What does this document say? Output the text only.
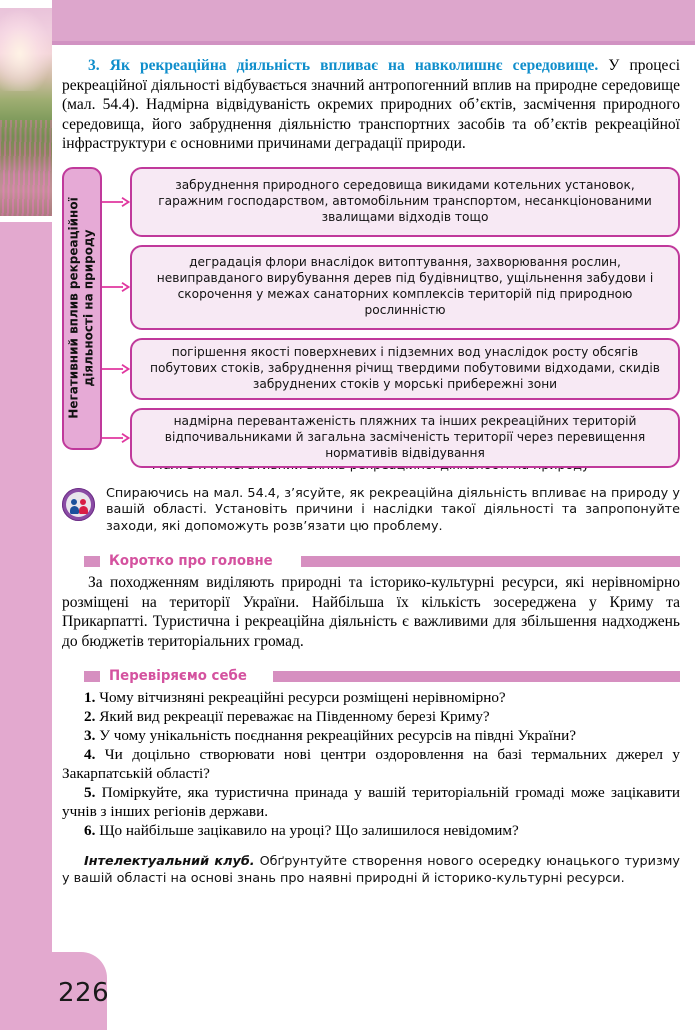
226

3. Як рекреаційна діяльність впливає на навколишнє середовище. У процесі рекреаційної діяльності відбувається значний антропогенний вплив на природне середовище (мал. 54.4). Надмірна відвідуваність окремих природних об’єктів, засмічення природного середовища, його забруднення діяльністю транспортних засобів та об’єктів рекреаційної інфраструктури є основними причинами деградації природи.

Негативний вплив рекреаційної
діяльності на природу
забруднення природного середовища викидами котельних установок, гаражним господарством, автомобільним транспортом, несанкціонованими звалищами відходів тощо
деградація флори внаслідок витоптування, захворювання рослин, невиправданого вирубування дерев під будівництво, ущільнення забудови і скорочення у межах санаторних комплексів територій під природною рослинністю
погіршення якості поверхневих і підземних вод унаслідок росту обсягів побутових стоків, забруднення річищ твердими побутовими відходами, скидів забруднених стоків у морські прибережні зони
надмірна перевантаженість пляжних та інших рекреаційних територій відпочивальниками й загальна засміченість території через перевищення нормативів відвідування
Спираючись на мал. 54.4, з’ясуйте, як рекреаційна діяльність впливає на природу у вашій області. Установіть причини і наслідки такої діяльності та запропонуйте заходи, які допоможуть розв’язати цю проблему.
Коротко про головне

За походженням виділяють природні та історико-культурні ресурси, які нерівномірно розміщені на території України. Найбільша їх кількість зосереджена у Криму та Прикарпатті. Туристична і рекреаційна діяльність є важливими для збільшення надходжень до бюджетів територіальних громад.

Перевіряємо себе

1. Чому вітчизняні рекреаційні ресурси розміщені нерівномірно?

2. Який вид рекреації переважає на Південному березі Криму?

3. У чому унікальність поєднання рекреаційних ресурсів на півдні України?

4. Чи доцільно створювати нові центри оздоровлення на базі термальних джерел у Закарпатській області?

5. Поміркуйте, яка туристична принада у вашій територіальній громаді може зацікавити учнів з інших регіонів держави.

6. Що найбільше зацікавило на уроці? Що залишилося невідомим?

Інтелектуальний клуб. Обґрунтуйте створення нового осередку юнацького туризму у вашій області на основі знань про наявні природні й історико-культурні ресурси.
